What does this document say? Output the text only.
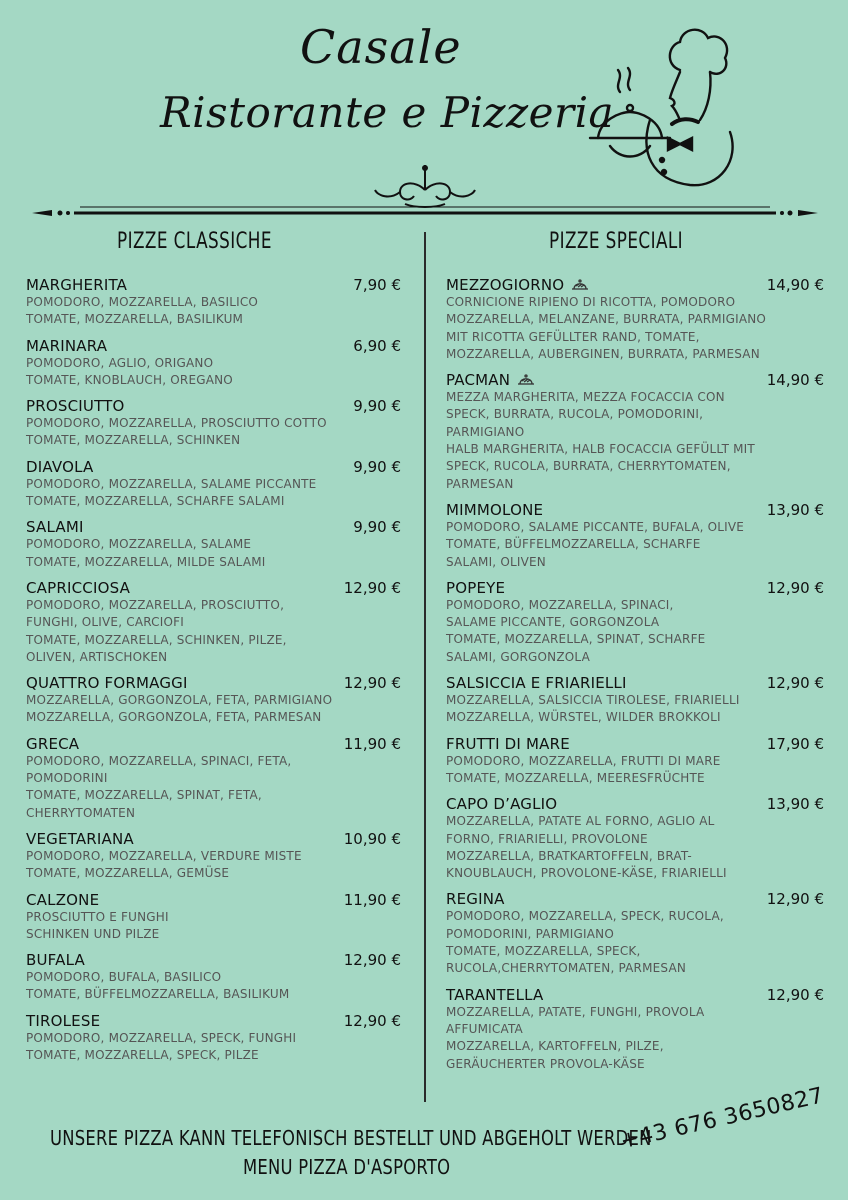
Casale
Ristorante e Pizzeria
PIZZE CLASSICHE	PIZZE SPECIALI
MARGHERITA	7,90 €
POMODORO, MOZZARELLA, BASILICO
TOMATE, MOZZARELLA, BASILIKUM
MARINARA	6,90 €
POMODORO, AGLIO, ORIGANO
TOMATE, KNOBLAUCH, OREGANO
PROSCIUTTO	9,90 €
POMODORO, MOZZARELLA, PROSCIUTTO COTTO
TOMATE, MOZZARELLA, SCHINKEN
DIAVOLA	9,90 €
POMODORO, MOZZARELLA, SALAME PICCANTE
TOMATE, MOZZARELLA, SCHARFE SALAMI
SALAMI	9,90 €
POMODORO, MOZZARELLA, SALAME
TOMATE, MOZZARELLA, MILDE SALAMI
CAPRICCIOSA	12,90 €
POMODORO, MOZZARELLA, PROSCIUTTO,
FUNGHI, OLIVE, CARCIOFI
TOMATE, MOZZARELLA, SCHINKEN, PILZE,
OLIVEN, ARTISCHOKEN
QUATTRO FORMAGGI	12,90 €
MOZZARELLA, GORGONZOLA, FETA, PARMIGIANO
MOZZARELLA, GORGONZOLA, FETA, PARMESAN
GRECA	11,90 €
POMODORO, MOZZARELLA, SPINACI, FETA,
POMODORINI
TOMATE, MOZZARELLA, SPINAT, FETA,
CHERRYTOMATEN
VEGETARIANA	10,90 €
POMODORO, MOZZARELLA, VERDURE MISTE
TOMATE, MOZZARELLA, GEMÜSE
CALZONE	11,90 €
PROSCIUTTO E FUNGHI
SCHINKEN UND PILZE
BUFALA	12,90 €
POMODORO, BUFALA, BASILICO
TOMATE, BÜFFELMOZZARELLA, BASILIKUM
TIROLESE	12,90 €
POMODORO, MOZZARELLA, SPECK, FUNGHI
TOMATE, MOZZARELLA, SPECK, PILZE
MEZZOGIORNO	14,90 €
CORNICIONE RIPIENO DI RICOTTA, POMODORO
MOZZARELLA, MELANZANE, BURRATA, PARMIGIANO
MIT RICOTTA GEFÜLLTER RAND, TOMATE,
MOZZARELLA, AUBERGINEN, BURRATA, PARMESAN
PACMAN	14,90 €
MEZZA MARGHERITA, MEZZA FOCACCIA CON
SPECK, BURRATA, RUCOLA, POMODORINI,
PARMIGIANO
HALB MARGHERITA, HALB FOCACCIA GEFÜLLT MIT
SPECK, RUCOLA, BURRATA, CHERRYTOMATEN,
PARMESAN
MIMMOLONE	13,90 €
POMODORO, SALAME PICCANTE, BUFALA, OLIVE
TOMATE, BÜFFELMOZZARELLA, SCHARFE
SALAMI, OLIVEN
POPEYE	12,90 €
POMODORO, MOZZARELLA, SPINACI,
SALAME PICCANTE, GORGONZOLA
TOMATE, MOZZARELLA, SPINAT, SCHARFE
SALAMI, GORGONZOLA
SALSICCIA E FRIARIELLI	12,90 €
MOZZARELLA, SALSICCIA TIROLESE, FRIARIELLI
MOZZARELLA, WÜRSTEL, WILDER BROKKOLI
FRUTTI DI MARE	17,90 €
POMODORO, MOZZARELLA, FRUTTI DI MARE
TOMATE, MOZZARELLA, MEERESFRÜCHTE
CAPO D’AGLIO	13,90 €
MOZZARELLA, PATATE AL FORNO, AGLIO AL
FORNO, FRIARIELLI, PROVOLONE
MOZZARELLA, BRATKARTOFFELN, BRAT-
KNOUBLAUCH, PROVOLONE-KÄSE, FRIARIELLI
REGINA	12,90 €
POMODORO, MOZZARELLA, SPECK, RUCOLA,
POMODORINI, PARMIGIANO
TOMATE, MOZZARELLA, SPECK,
RUCOLA,CHERRYTOMATEN, PARMESAN
TARANTELLA	12,90 €
MOZZARELLA, PATATE, FUNGHI, PROVOLA
AFFUMICATA
MOZZARELLA, KARTOFFELN, PILZE,
GERÄUCHERTER PROVOLA-KÄSE
UNSERE PIZZA KANN TELEFONISCH BESTELLT UND ABGEHOLT WERDEN
MENU PIZZA D'ASPORTO
+43 676 3650827
